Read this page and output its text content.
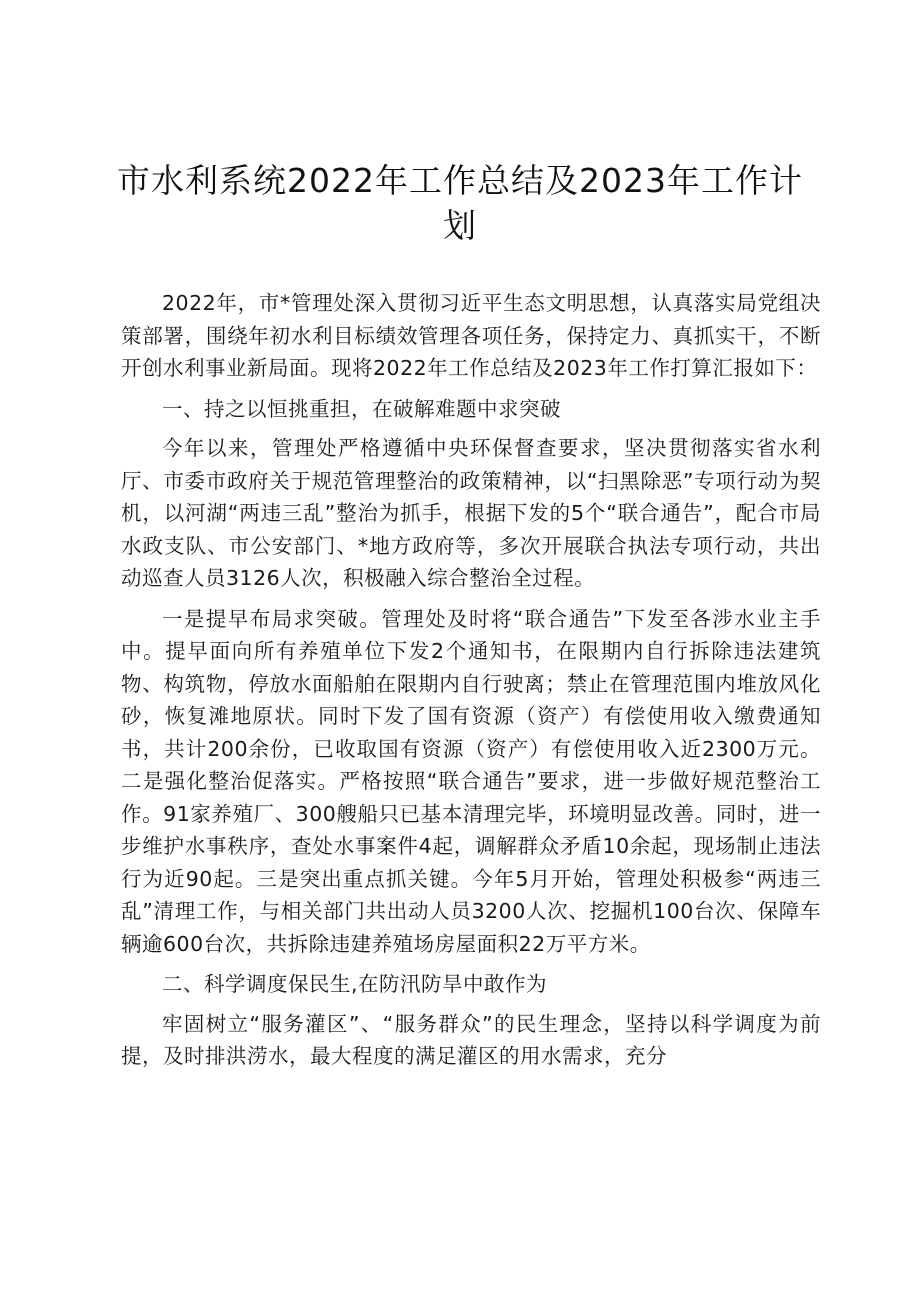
市水利系统2022年工作总结及2023年工作计划

2022年，市*管理处深入贯彻习近平生态文明思想，认真落实局党组决策部署，围绕年初水利目标绩效管理各项任务，保持定力、真抓实干，不断开创水利事业新局面。现将2022年工作总结及2023年工作打算汇报如下：

一、持之以恒挑重担，在破解难题中求突破

今年以来，管理处严格遵循中央环保督查要求，坚决贯彻落实省水利厅、市委市政府关于规范管理整治的政策精神，以“扫黑除恶”专项行动为契机，以河湖“两违三乱”整治为抓手，根据下发的5个“联合通告”，配合市局水政支队、市公安部门、*地方政府等，多次开展联合执法专项行动，共出动巡查人员3126人次，积极融入综合整治全过程。

一是提早布局求突破。管理处及时将“联合通告”下发至各涉水业主手中。提早面向所有养殖单位下发2个通知书，在限期内自行拆除违法建筑物、构筑物，停放水面船舶在限期内自行驶离；禁止在管理范围内堆放风化砂，恢复滩地原状。同时下发了国有资源（资产）有偿使用收入缴费通知书，共计200余份，已收取国有资源（资产）有偿使用收入近2300万元。二是强化整治促落实。严格按照“联合通告”要求，进一步做好规范整治工作。91家养殖厂、300艘船只已基本清理完毕，环境明显改善。同时，进一步维护水事秩序，查处水事案件4起，调解群众矛盾10余起，现场制止违法行为近90起。三是突出重点抓关键。今年5月开始，管理处积极参“两违三乱”清理工作，与相关部门共出动人员3200人次、挖掘机100台次、保障车辆逾600台次，共拆除违建养殖场房屋面积22万平方米。

二、科学调度保民生,在防汛防旱中敢作为

牢固树立“服务灌区”、“服务群众”的民生理念，坚持以科学调度为前提，及时排洪涝水，最大程度的满足灌区的用水需求，充分
